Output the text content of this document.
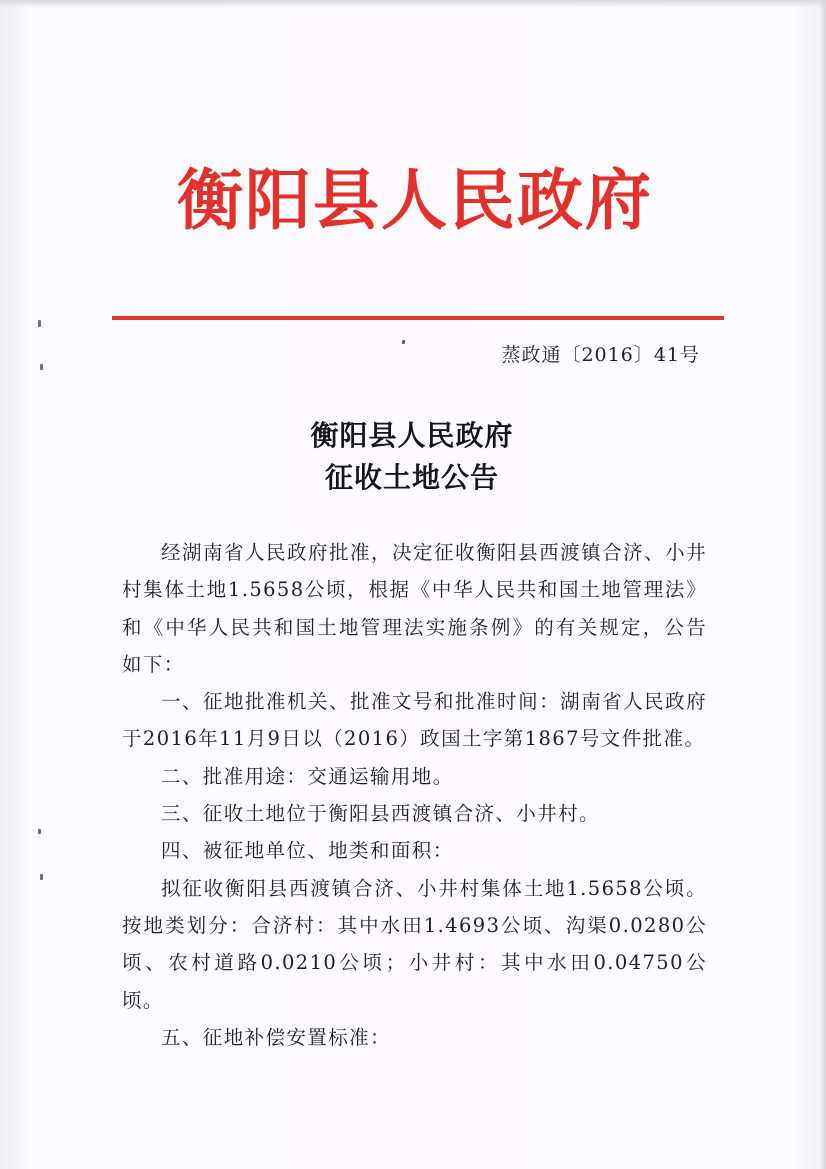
衡阳县人民政府
蒸政通〔2016〕41号
衡阳县人民政府
征收土地公告

经湖南省人民政府批准，决定征收衡阳县西渡镇合济、小井村集体土地1.5658公顷，根据《中华人民共和国土地管理法》和《中华人民共和国土地管理法实施条例》的有关规定，公告如下：

一、征地批准机关、批准文号和批准时间：湖南省人民政府于2016年11月9日以（2016）政国土字第1867号文件批准。

二、批准用途：交通运输用地。

三、征收土地位于衡阳县西渡镇合济、小井村。

四、被征地单位、地类和面积：

拟征收衡阳县西渡镇合济、小井村集体土地1.5658公顷。按地类划分：合济村：其中水田1.4693公顷、沟渠0.0280公顷、农村道路0.0210公顷；小井村：其中水田0.04750公顷。

五、征地补偿安置标准：
